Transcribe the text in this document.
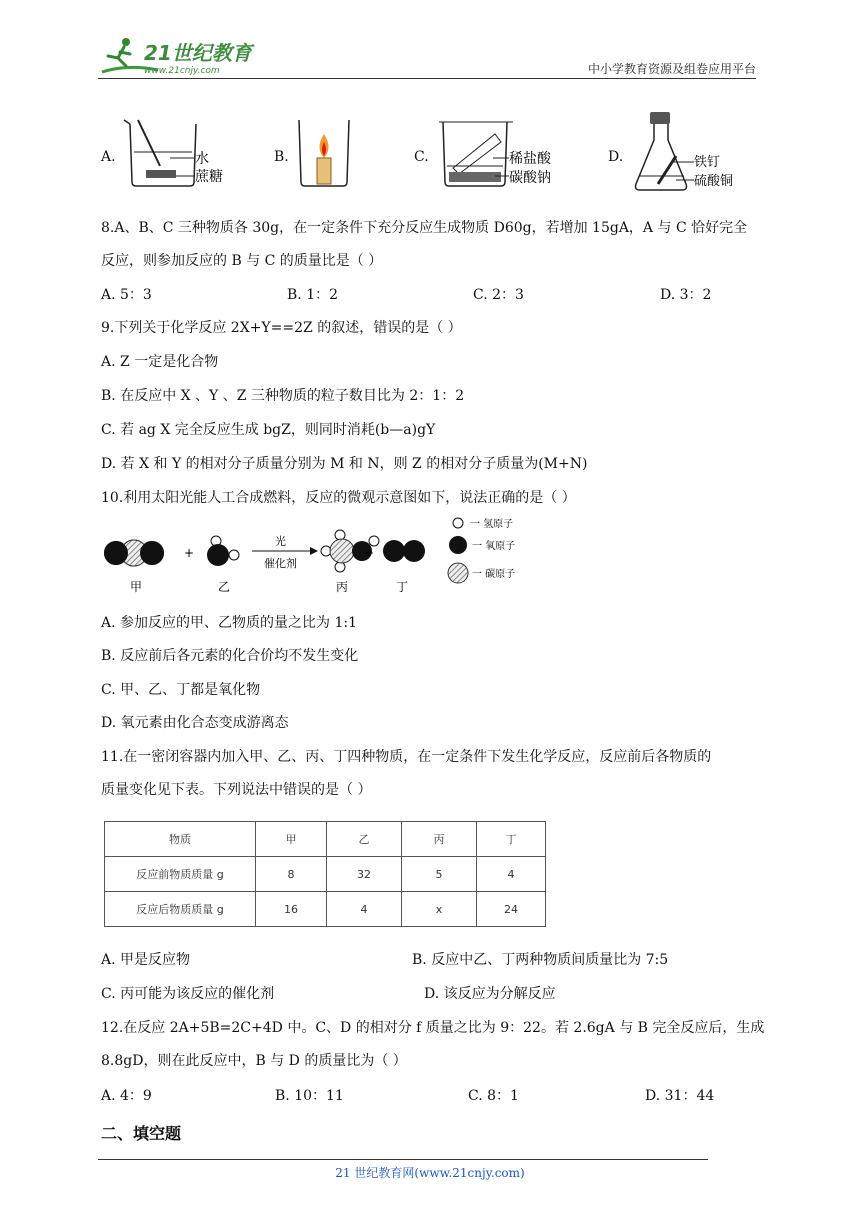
21世纪教育
www.21cnjy.com	中小学教育资源及组卷应用平台
A.	水
蔗糖
B.	C.	稀盐酸
碳酸钠
D.	铁钉
硫酸铜
8.A、B、C 三种物质各 30g，在一定条件下充分反应生成物质 D60g，若增加 15gA，A 与 C 恰好完全
反应，则参加反应的 B 与 C 的质量比是（ ）
A. 5：3	B. 1：2	C. 2：3	D. 3：2
9.下列关于化学反应 2X+Y==2Z 的叙述，错误的是（ ）
A. Z 一定是化合物
B. 在反应中 X 、Y 、Z 三种物质的粒子数目比为 2：1：2
C. 若 ag X 完全反应生成 bgZ，则同时消耗(b—a)gY
D. 若 X 和 Y 的相对分子质量分别为 M 和 N，则 Z 的相对分子质量为(M+N)
10.利用太阳光能人工合成燃料，反应的微观示意图如下，说法正确的是（ ）
甲
+
乙
光
催化剂
丙
+
丁
一 氢原子
一 氧原子
一 碳原子
A. 参加反应的甲、乙物质的量之比为 1:1
B. 反应前后各元素的化合价均不发生变化
C. 甲、乙、丁都是氧化物
D. 氧元素由化合态变成游离态
11.在一密闭容器内加入甲、乙、丙、丁四种物质，在一定条件下发生化学反应，反应前后各物质的
质量变化见下表。下列说法中错误的是（ ）
物质	甲	乙	丙	丁
反应前物质质量 g	8	32	5	4
反应后物质质量 g	16	4	x	24
A. 甲是反应物	B. 反应中乙、丁两种物质间质量比为 7:5
C. 丙可能为该反应的催化剂	D. 该反应为分解反应
12.在反应 2A+5B=2C+4D 中。C、D 的相对分 f 质量之比为 9：22。若 2.6gA 与 B 完全反应后，生成
8.8gD，则在此反应中，B 与 D 的质量比为（ ）
A. 4：9	B. 10：11	C. 8：1	D. 31：44
二、填空题
21 世纪教育网(www.21cnjy.com)
